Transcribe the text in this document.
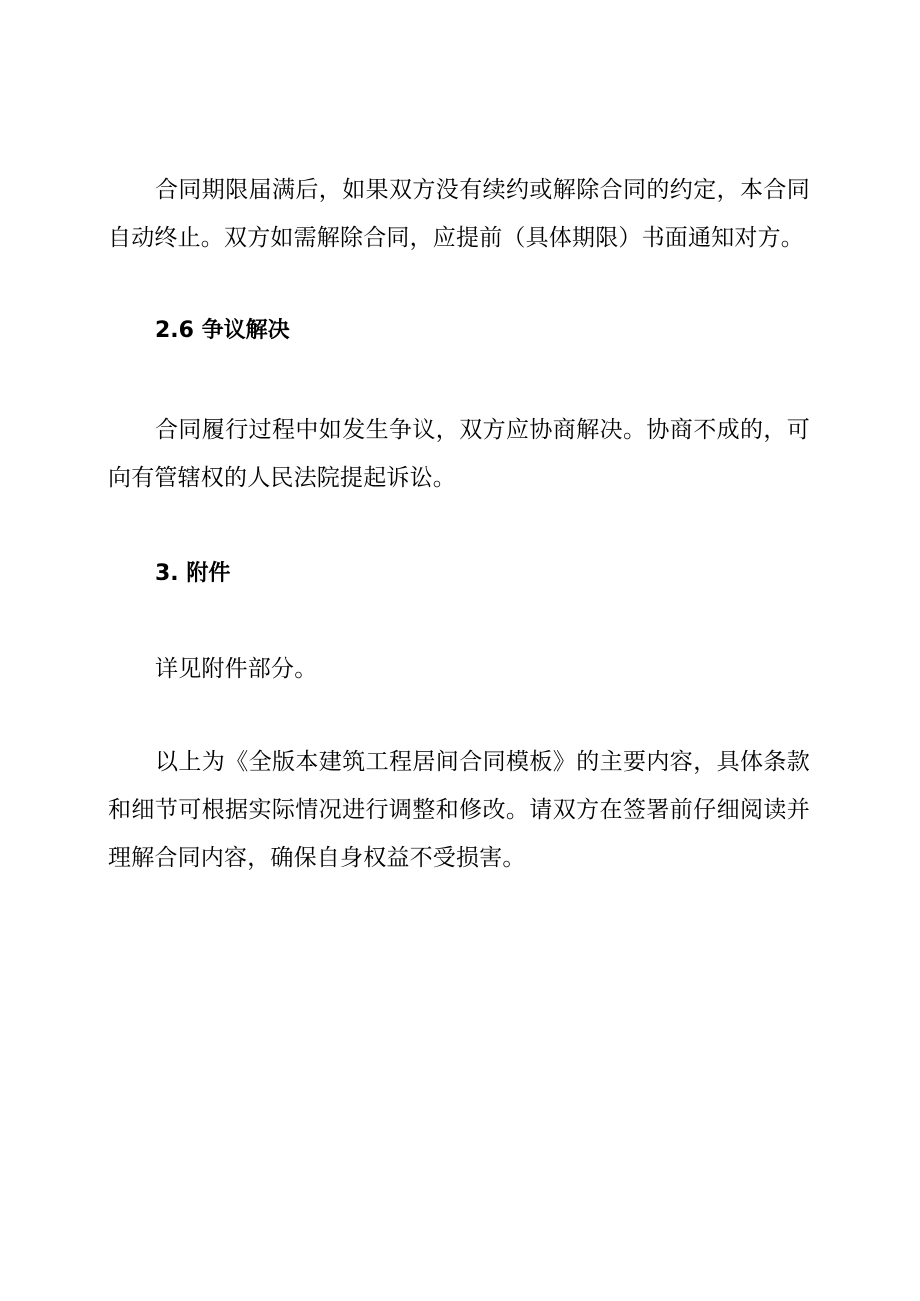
合同期限届满后，如果双方没有续约或解除合同的约定，本合同自动终止。双方如需解除合同，应提前（具体期限）书面通知对方。

2.6 争议解决

合同履行过程中如发生争议，双方应协商解决。协商不成的，可向有管辖权的人民法院提起诉讼。

3. 附件

详见附件部分。

以上为《全版本建筑工程居间合同模板》的主要内容，具体条款和细节可根据实际情况进行调整和修改。请双方在签署前仔细阅读并理解合同内容，确保自身权益不受损害。
